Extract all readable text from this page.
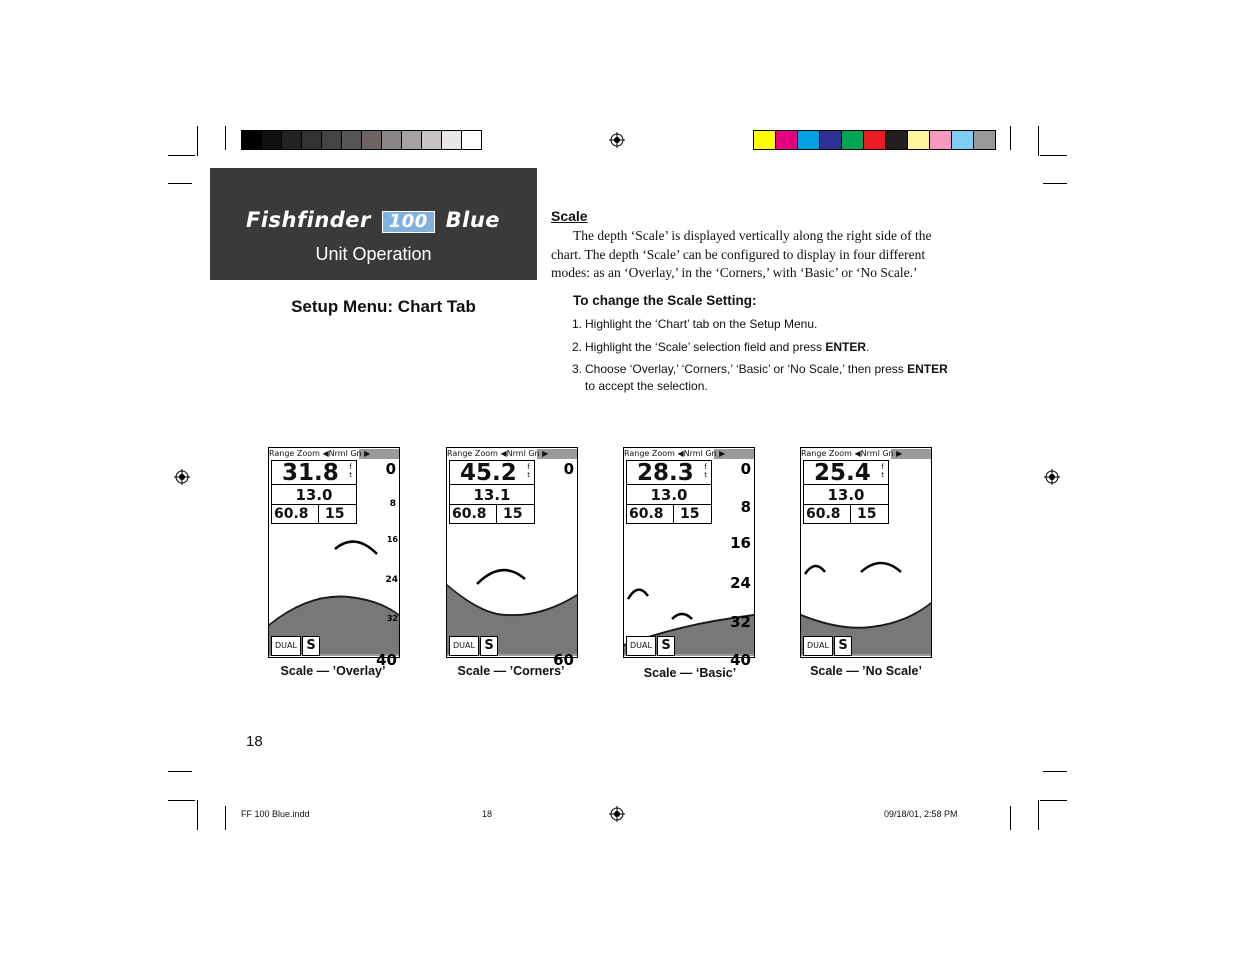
Fishfinder 100 Blue
Unit Operation
Setup Menu: Chart Tab
Scale

The depth ‘Scale’ is displayed vertically along the right side of the chart. The depth ‘Scale’ can be configured to display in four different modes: as an ‘Overlay,’ in the ‘Corners,’ with ‘Basic’ or ‘No Scale.’

To change the Scale Setting:
1. Highlight the ‘Chart’ tab on the Setup Menu.
2. Highlight the ‘Scale’ selection field and press ENTER.
3. Choose ‘Overlay,’ ‘Corners,’ ‘Basic’ or ‘No Scale,’ then press ENTER to accept the selection.
Range Zoom ◀Nrml Gn ▶
31.8 f
t
13.0
60.8	15
0
8
16
24
32
40
DUAL S
Scale — ’Overlay’
Range Zoom ◀Nrml Gn ▶
45.2 f
t
13.1
60.8	15
0
60
DUAL S
Scale — ’Corners’
Range Zoom ◀Nrml Gn ▶
28.3 f
t
13.0
60.8	15
0
8
16
24
32
40
DUAL S
Scale — ‘Basic’
Range Zoom ◀Nrml Gn ▶
25.4 f
t
13.0
60.8	15
DUAL S
Scale — ’No Scale’
18
FF 100 Blue.indd	18	09/18/01, 2:58 PM
